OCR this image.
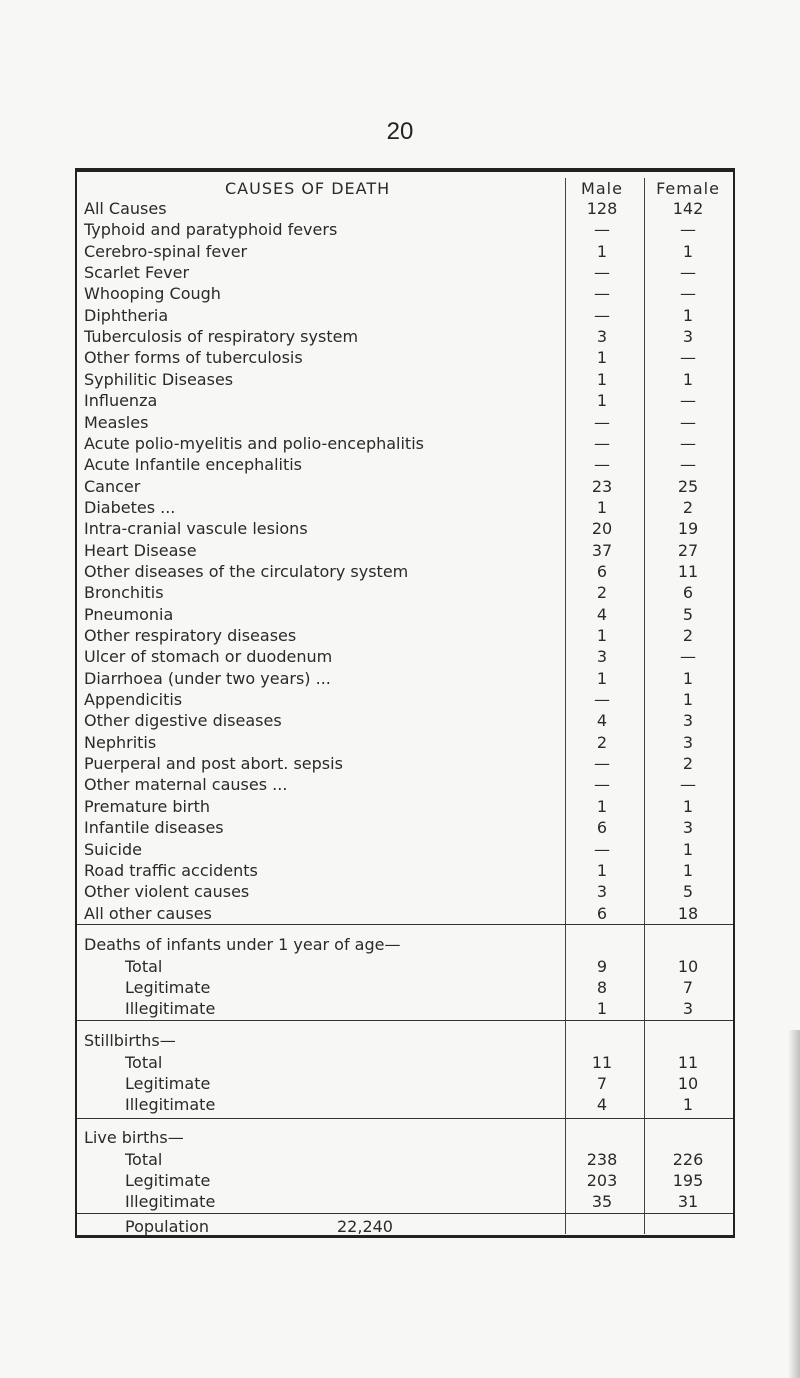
20
CAUSES OF DEATH	Male	Female
All Causes	128	142
Typhoid and paratyphoid fevers	—	—
Cerebro-spinal fever	1	1
Scarlet Fever	—	—
Whooping Cough	—	—
Diphtheria	—	1
Tuberculosis of respiratory system	3	3
Other forms of tuberculosis	1	—
Syphilitic Diseases	1	1
Influenza	1	—
Measles	—	—
Acute polio-myelitis and polio-encephalitis	—	—
Acute Infantile encephalitis	—	—
Cancer	23	25
Diabetes ...	1	2
Intra-cranial vascule lesions	20	19
Heart Disease	37	27
Other diseases of the circulatory system	6	11
Bronchitis	2	6
Pneumonia	4	5
Other respiratory diseases	1	2
Ulcer of stomach or duodenum	3	—
Diarrhoea (under two years) ...	1	1
Appendicitis	—	1
Other digestive diseases	4	3
Nephritis	2	3
Puerperal and post abort. sepsis	—	2
Other maternal causes ...	—	—
Premature birth	1	1
Infantile diseases	6	3
Suicide	—	1
Road traffic accidents	1	1
Other violent causes	3	5
All other causes	6	18
Deaths of infants under 1 year of age—
Total	9	10
Legitimate	8	7
Illegitimate	1	3
Stillbirths—
Total	11	11
Legitimate	7	10
Illegitimate	4	1
Live births—
Total	238	226
Legitimate	203	195
Illegitimate	35	31
Population	22,240
